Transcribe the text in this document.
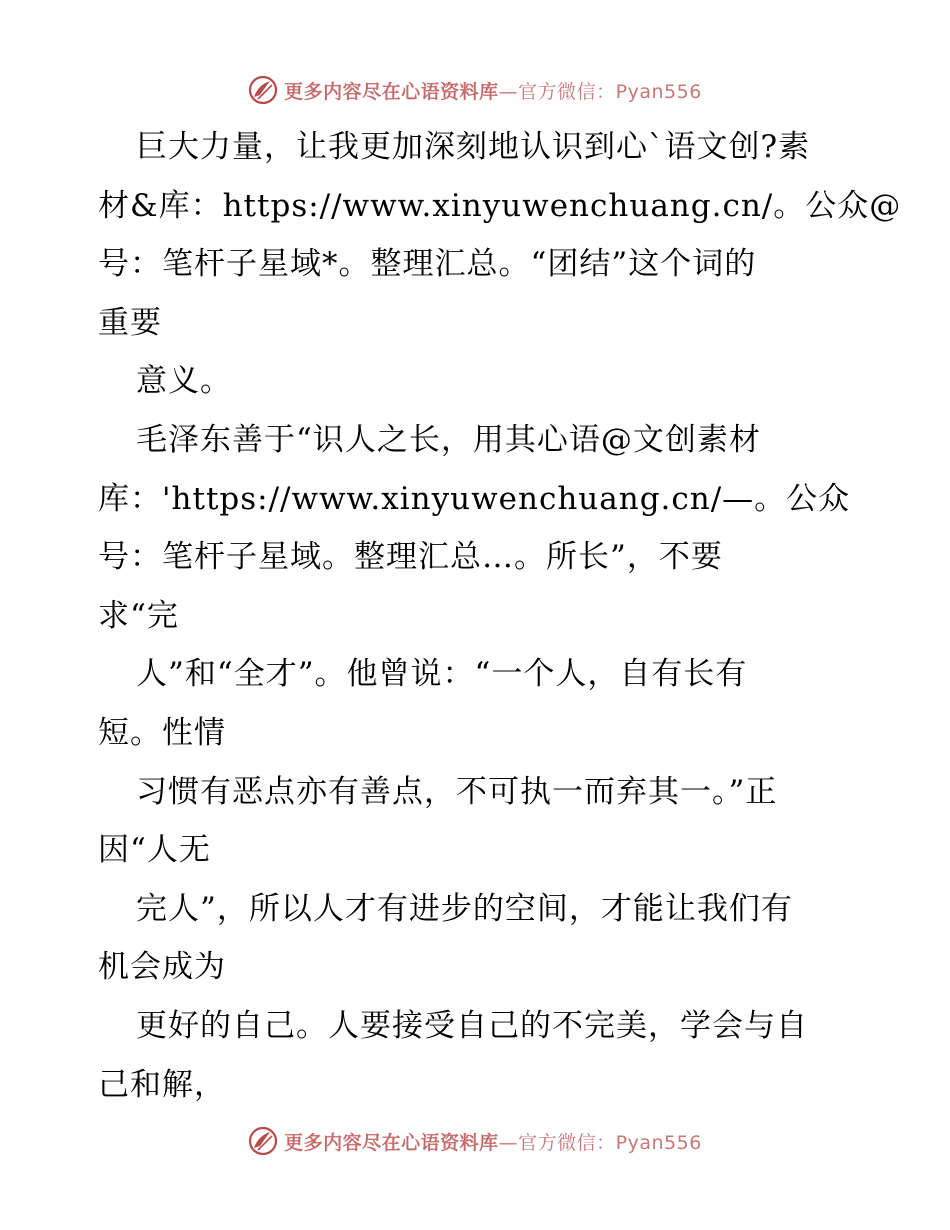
更多内容尽在心语资料库—官方微信：Pyan556
巨大力量，让我更加深刻地认识到心`语文创?素
材&库：https://www.xinyuwenchuang.cn/。公众@
号：笔杆子星域*。整理汇总。“团结”这个词的
重要
意义。
毛泽东善于“识人之长，用其心语@文创素材
库：'https://www.xinyuwenchuang.cn/—。公众
号：笔杆子星域。整理汇总…。所长”，不要
求“完
人”和“全才”。他曾说：“一个人，自有长有
短。性情
习惯有恶点亦有善点，不可执一而弃其一。”正
因“人无
完人”，所以人才有进步的空间，才能让我们有
机会成为
更好的自己。人要接受自己的不完美，学会与自
己和解，
更多内容尽在心语资料库—官方微信：Pyan556
